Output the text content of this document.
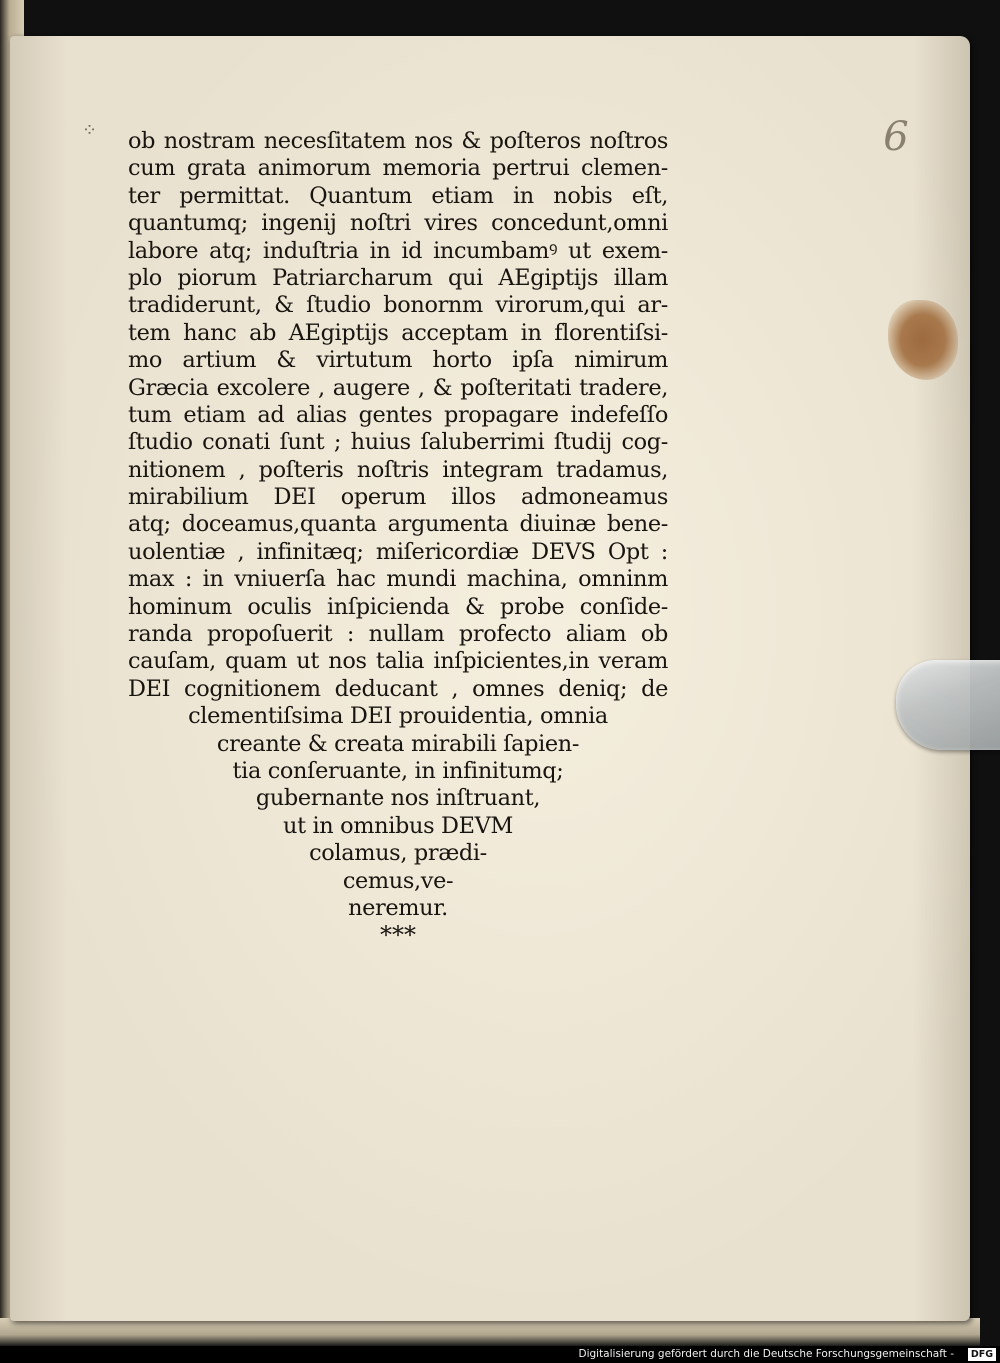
⁘	6
ob nostram necesſitatem nos & poſteros noſtros
cum grata animorum memoria pertrui clemen-
ter permittat. Quantum etiam in nobis eſt,
quantumq; ingenij noſtri vires concedunt,omni
labore atq; induſtria in id incumbamꝰ ut exem-
plo piorum Patriarcharum qui AEgiptijs illam
tradiderunt, & ſtudio bonornm virorum,qui ar-
tem hanc ab AEgiptijs acceptam in florentiſsi-
mo artium & virtutum horto ipſa nimirum
Græcia excolere , augere , & poſteritati tradere,
tum etiam ad alias gentes propagare indefeſſo
ſtudio conati ſunt ; huius ſaluberrimi ſtudij cog-
nitionem , poſteris noſtris integram tradamus,
mirabilium DEI operum illos admoneamus
atq; doceamus,quanta argumenta diuinæ bene-
uolentiæ , infinitæq; miſericordiæ DEVS Opt :
max : in vniuerſa hac mundi machina, omninm
hominum oculis inſpicienda & probe conſide-
randa propoſuerit : nullam profecto aliam ob
cauſam, quam ut nos talia inſpicientes,in veram
DEI cognitionem deducant , omnes deniq; de
clementiſsima DEI prouidentia, omnia
creante & creata mirabili ſapien-
tia conſeruante, in infinitumq;
gubernante nos inſtruant,
ut in omnibus DEVM
colamus, prædi-
cemus,ve-
neremur.
***
Digitalisierung gefördert durch die Deutsche Forschungsgemeinschaft -	DFG
